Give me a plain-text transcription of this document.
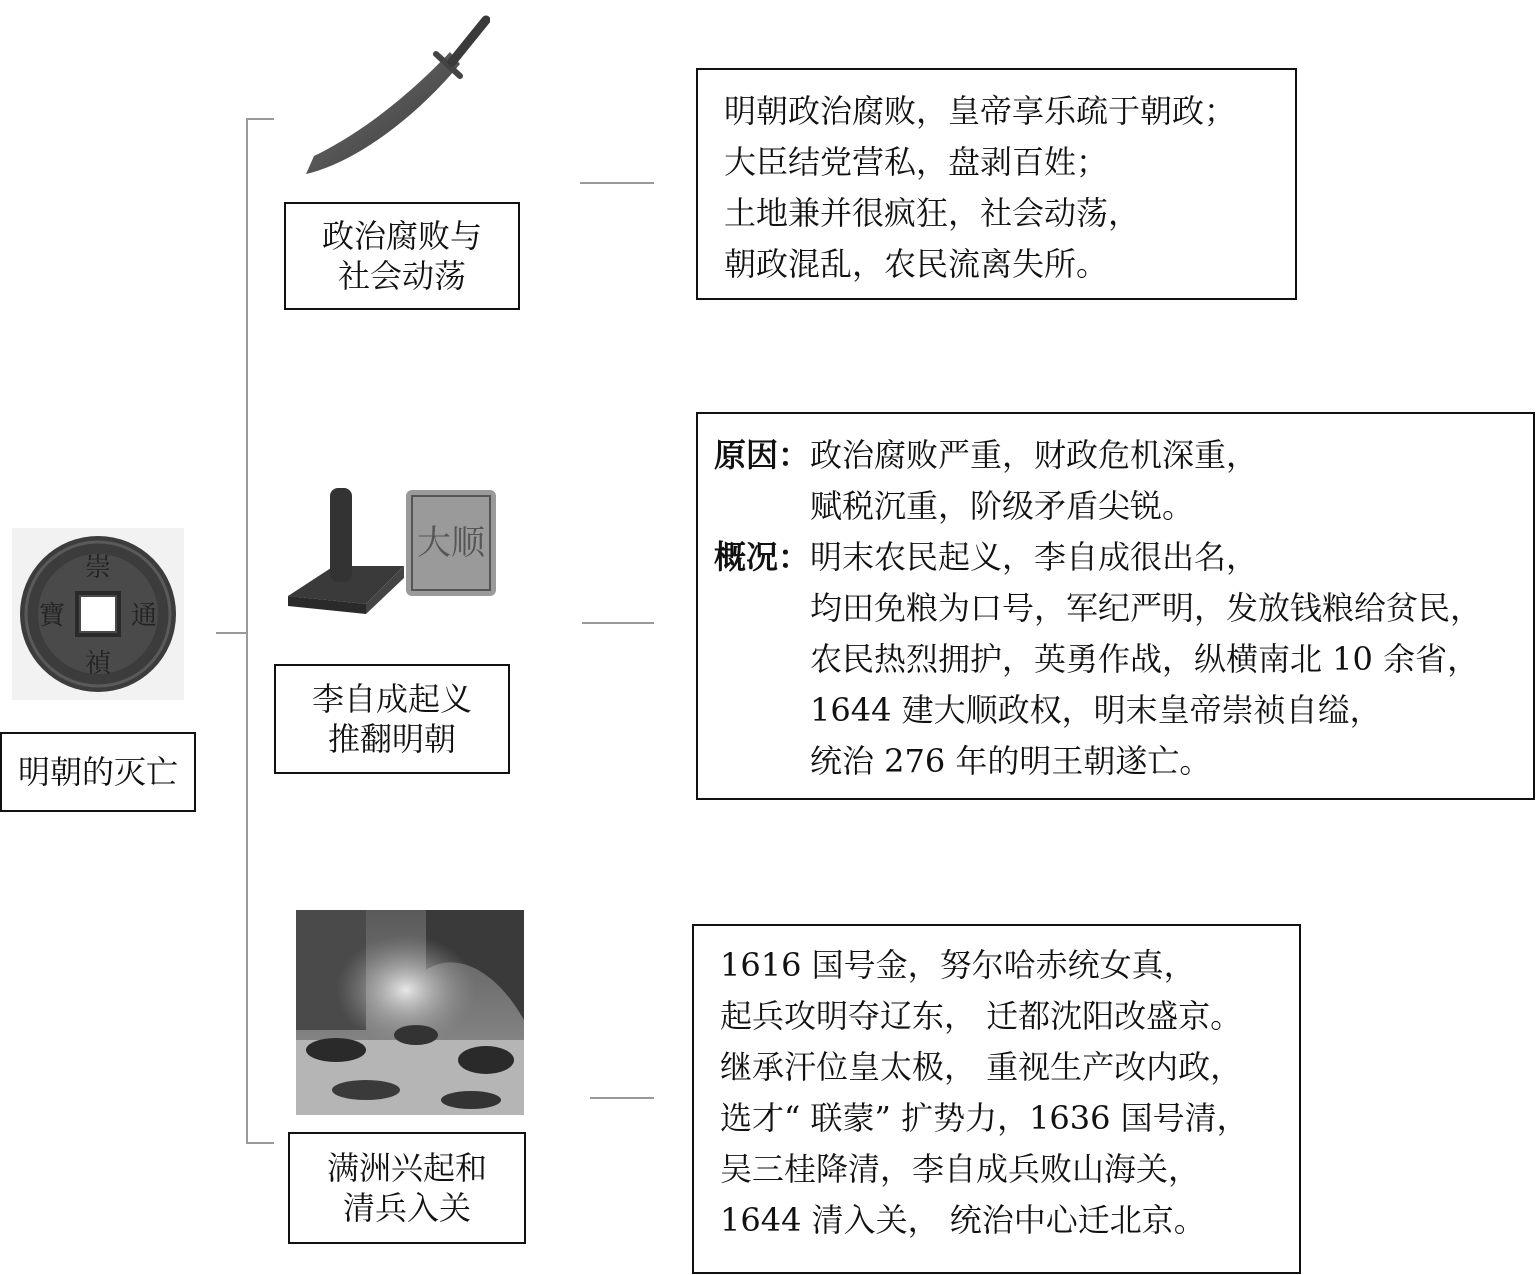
崇
禎
寶	通
明朝的灭亡
政治腐败与
社会动荡
明朝政治腐败，皇帝享乐疏于朝政；
大臣结党营私，盘剥百姓；
土地兼并很疯狂，社会动荡，
朝政混乱，农民流离失所。
大顺
李自成起义
推翻明朝
原因：政治腐败严重，财政危机深重，
赋税沉重，阶级矛盾尖锐。
概况：明末农民起义，李自成很出名，
均田免粮为口号，军纪严明，发放钱粮给贫民，
农民热烈拥护，英勇作战，纵横南北 10 余省，
1644 建大顺政权，明末皇帝崇祯自缢，
统治 276 年的明王朝遂亡。
满洲兴起和
清兵入关
1616 国号金，努尔哈赤统女真，
起兵攻明夺辽东， 迁都沈阳改盛京。
继承汗位皇太极， 重视生产改内政，
选才“ 联蒙” 扩势力，1636 国号清，
吴三桂降清，李自成兵败山海关，
1644 清入关， 统治中心迁北京。
